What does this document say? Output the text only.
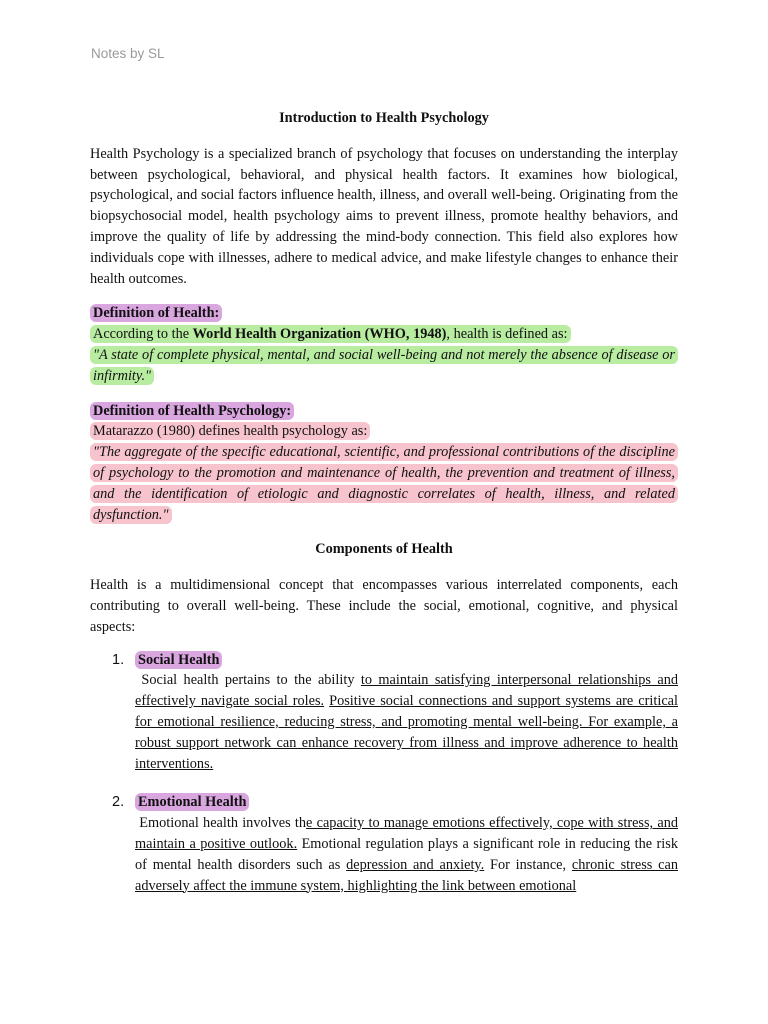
Notes by SL

Introduction to Health Psychology

Health Psychology is a specialized branch of psychology that focuses on understanding the interplay between psychological, behavioral, and physical health factors. It examines how biological, psychological, and social factors influence health, illness, and overall well-being. Originating from the biopsychosocial model, health psychology aims to prevent illness, promote healthy behaviors, and improve the quality of life by addressing the mind-body connection. This field also explores how individuals cope with illnesses, adhere to medical advice, and make lifestyle changes to enhance their health outcomes.

Definition of Health:

According to the World Health Organization (WHO, 1948), health is defined as:

"A state of complete physical, mental, and social well-being and not merely the absence of disease or infirmity."

Definition of Health Psychology:

Matarazzo (1980) defines health psychology as:

"The aggregate of the specific educational, scientific, and professional contributions of the discipline of psychology to the promotion and maintenance of health, the prevention and treatment of illness, and the identification of etiologic and diagnostic correlates of health, illness, and related dysfunction."

Components of Health

Health is a multidimensional concept that encompasses various interrelated components, each contributing to overall well-being. These include the social, emotional, cognitive, and physical aspects:

1. Social Health

Social health pertains to the ability to maintain satisfying interpersonal relationships and effectively navigate social roles. Positive social connections and support systems are critical for emotional resilience, reducing stress, and promoting mental well-being. For example, a robust support network can enhance recovery from illness and improve adherence to health interventions.

2. Emotional Health

Emotional health involves the capacity to manage emotions effectively, cope with stress, and maintain a positive outlook. Emotional regulation plays a significant role in reducing the risk of mental health disorders such as depression and anxiety. For instance, chronic stress can adversely affect the immune system, highlighting the link between emotional
